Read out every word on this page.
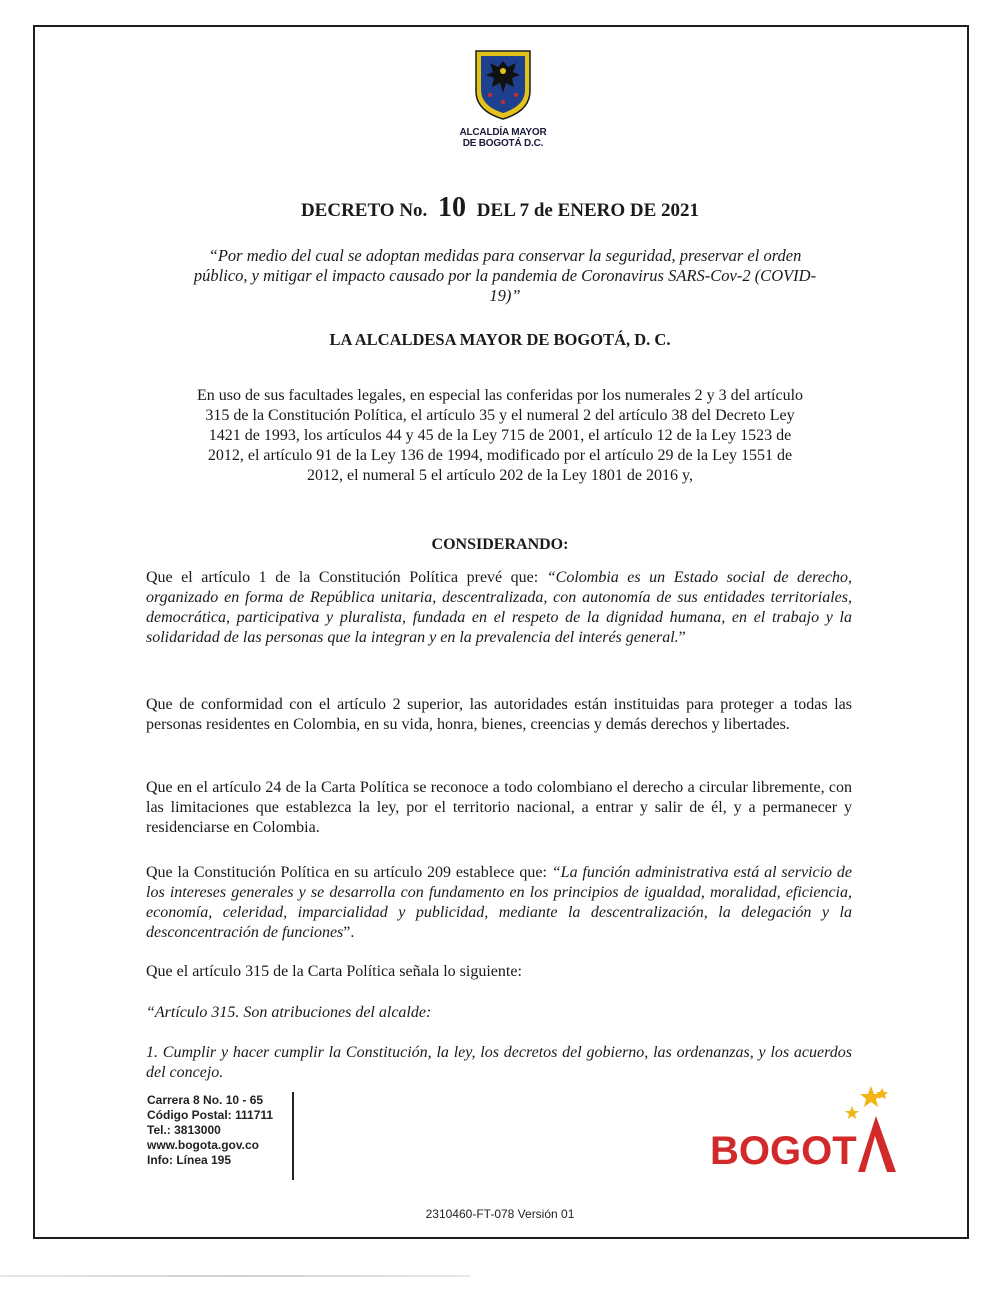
ALCALDÍA MAYOR
DE BOGOTÁ D.C.
DECRETO No. 10 DEL 7 de ENERO DE 2021
“Por medio del cual se adoptan medidas para conservar la seguridad, preservar el orden
público, y mitigar el impacto causado por la pandemia de Coronavirus SARS-Cov-2 (COVID-
19)”
LA ALCALDESA MAYOR DE BOGOTÁ, D. C.
En uso de sus facultades legales, en especial las conferidas por los numerales 2 y 3 del artículo
315 de la Constitución Política, el artículo 35 y el numeral 2 del artículo 38 del Decreto Ley
1421 de 1993, los artículos 44 y 45 de la Ley 715 de 2001, el artículo 12 de la Ley 1523 de
2012, el artículo 91 de la Ley 136 de 1994, modificado por el artículo 29 de la Ley 1551 de
2012, el numeral 5 el artículo 202 de la Ley 1801 de 2016 y,
CONSIDERANDO:

Que el artículo 1 de la Constitución Política prevé que: “Colombia es un Estado social de derecho, organizado en forma de República unitaria, descentralizada, con autonomía de sus entidades territoriales, democrática, participativa y pluralista, fundada en el respeto de la dignidad humana, en el trabajo y la solidaridad de las personas que la integran y en la prevalencia del interés general.”

Que de conformidad con el artículo 2 superior, las autoridades están instituidas para proteger a todas las personas residentes en Colombia, en su vida, honra, bienes, creencias y demás derechos y libertades.

Que en el artículo 24 de la Carta Política se reconoce a todo colombiano el derecho a circular libremente, con las limitaciones que establezca la ley, por el territorio nacional, a entrar y salir de él, y a permanecer y residenciarse en Colombia.

Que la Constitución Política en su artículo 209 establece que: “La función administrativa está al servicio de los intereses generales y se desarrolla con fundamento en los principios de igualdad, moralidad, eficiencia, economía, celeridad, imparcialidad y publicidad, mediante la descentralización, la delegación y la desconcentración de funciones”.

Que el artículo 315 de la Carta Política señala lo siguiente:

“Artículo 315. Son atribuciones del alcalde:

1. Cumplir y hacer cumplir la Constitución, la ley, los decretos del gobierno, las ordenanzas, y los acuerdos del concejo.

Carrera 8 No. 10 - 65
Código Postal: 111711
Tel.: 3813000
www.bogota.gov.co
Info: Línea 195	BOGOT
2310460-FT-078 Versión 01
